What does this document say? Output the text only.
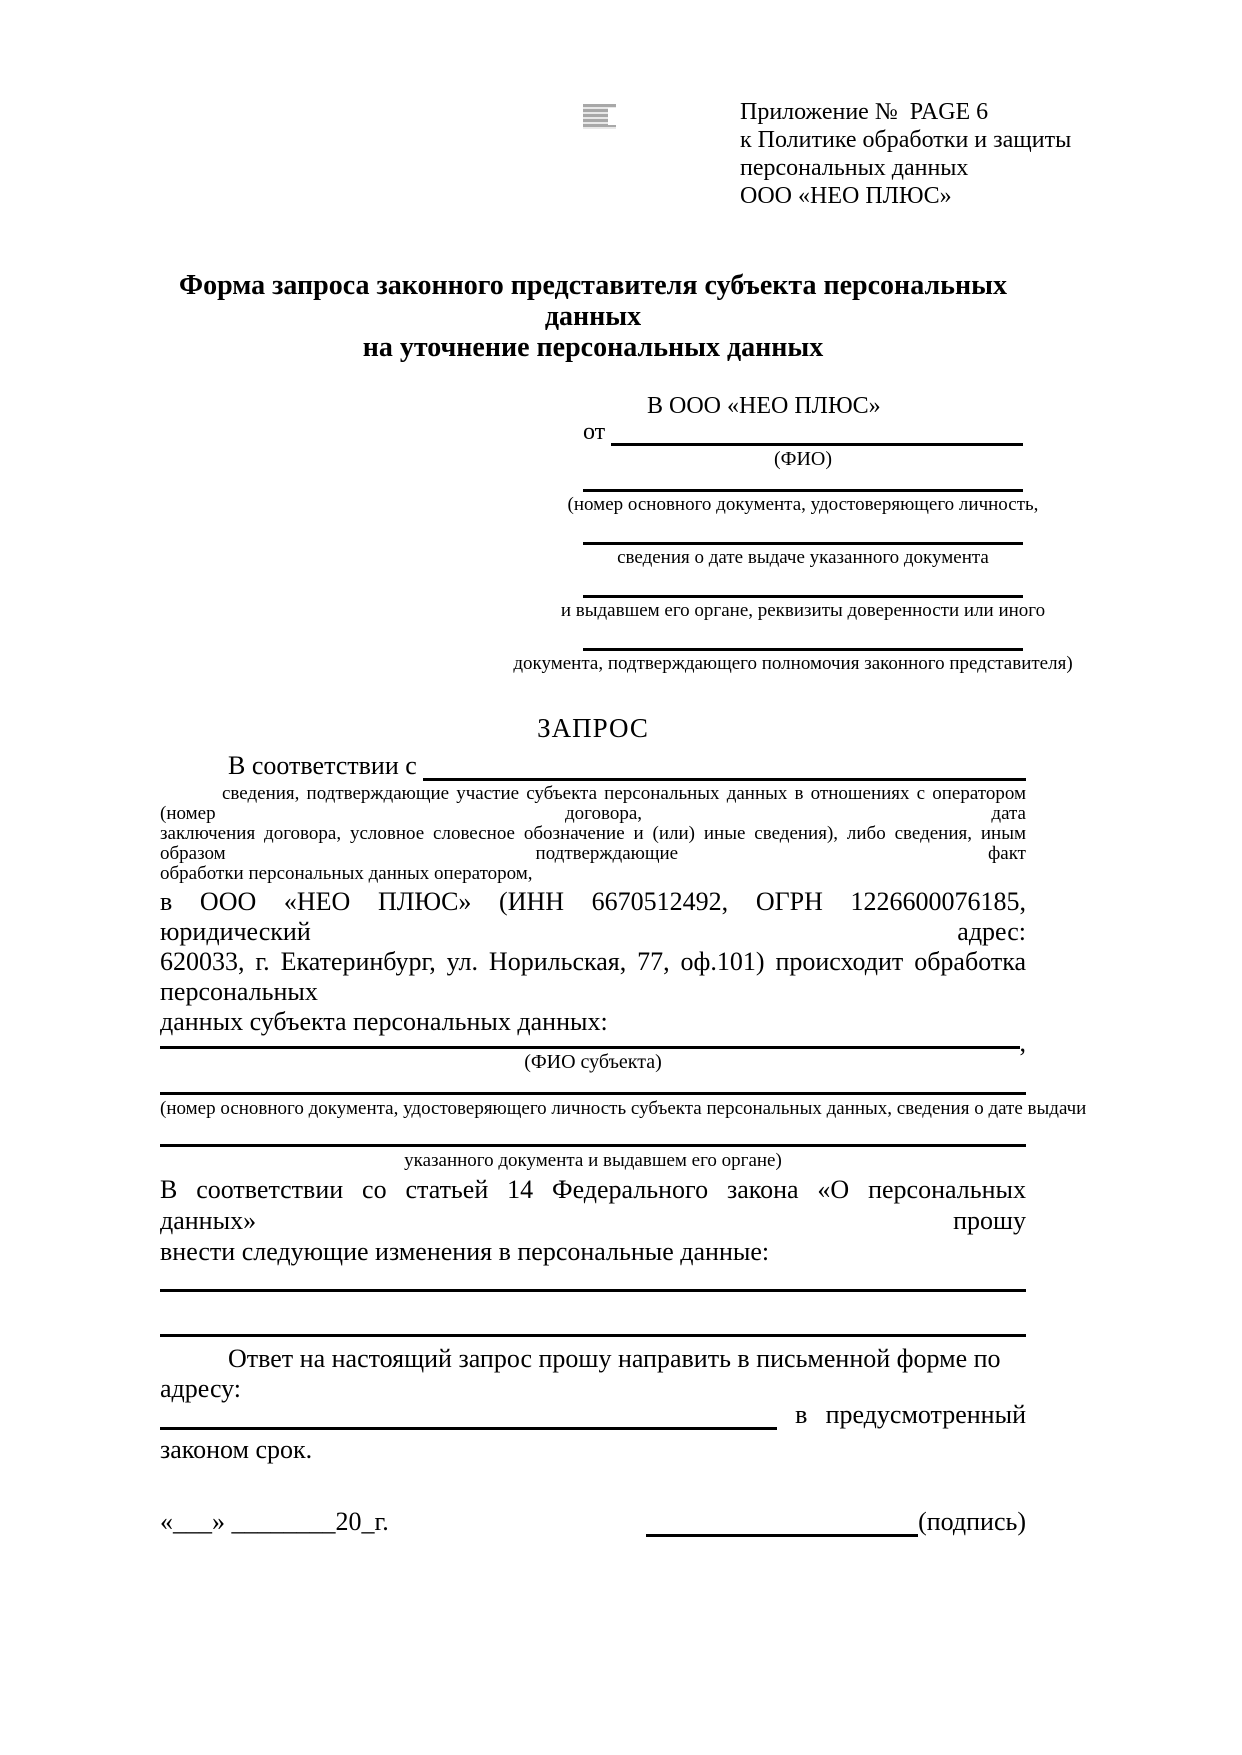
Приложение №  PAGE 6
к Политике обработки и защиты
персональных данных
ООО «НЕО ПЛЮС»
Форма запроса законного представителя субъекта персональных данных
на уточнение персональных данных
В ООО «НЕО ПЛЮС»
от
(ФИО)
(номер основного документа, удостоверяющего личность,
сведения о дате выдаче указанного документа
и выдавшем его органе, реквизиты доверенности или иного
документа, подтверждающего полномочия законного представителя)
ЗАПРОС
В соответствии с
сведения, подтверждающие участие субъекта персональных данных в отношениях с оператором (номер договора, дата
заключения договора, условное словесное обозначение и (или) иные сведения), либо сведения, иным образом подтверждающие факт
обработки персональных данных оператором,
в ООО «НЕО ПЛЮС» (ИНН 6670512492, ОГРН 1226600076185, юридический адрес:
620033, г. Екатеринбург, ул. Норильская, 77, оф.101) происходит обработка персональных
данных субъекта персональных данных:
,
(ФИО субъекта)
(номер основного документа, удостоверяющего личность субъекта персональных данных, сведения о дате выдачи
указанного документа и выдавшем его органе)
В соответствии со статьей 14 Федерального закона «О персональных данных» прошу
внести следующие изменения в персональные данные:
Ответ на настоящий запрос прошу направить в письменной форме по адресу:
в предусмотренный
законом срок.
«___» ________20_г.	(подпись)
